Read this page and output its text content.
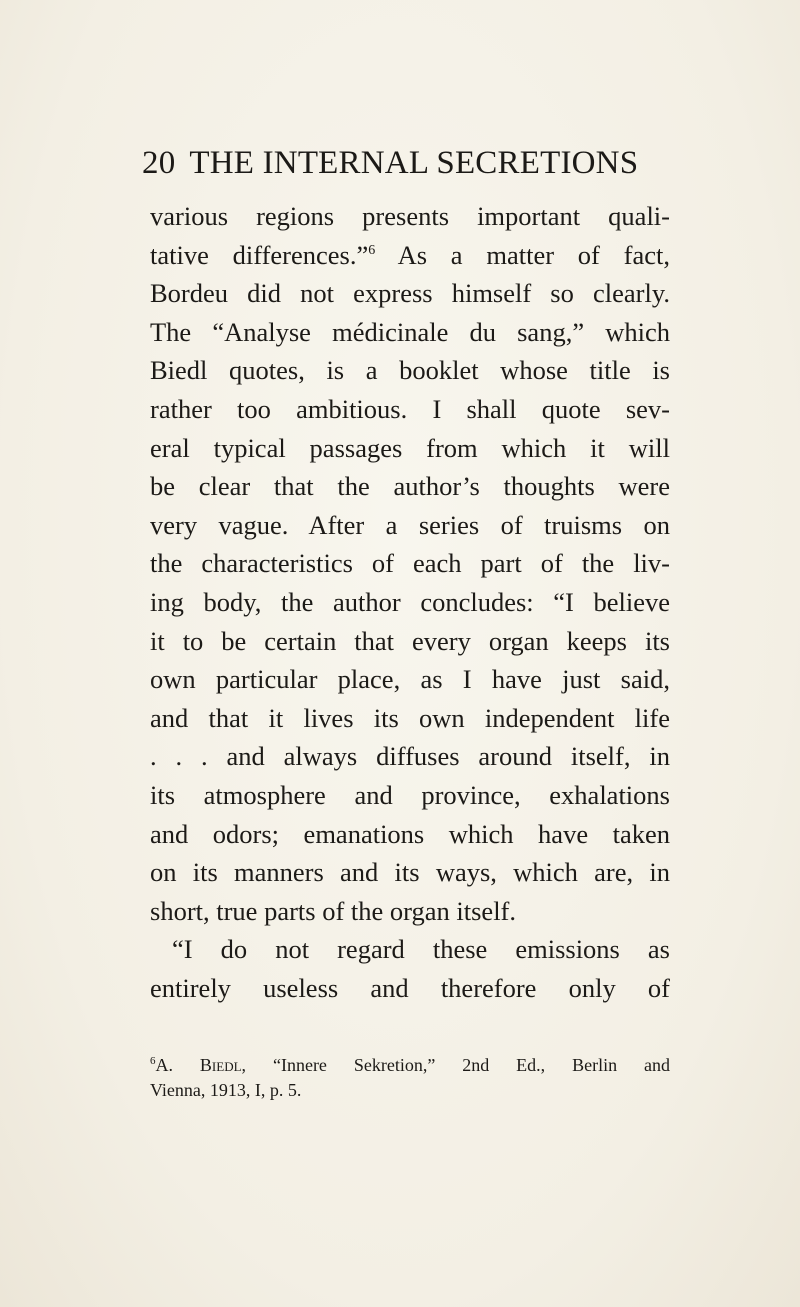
20 THE INTERNAL SECRETIONS
various regions presents important quali-
tative differences.”$^6$ As a matter of fact,
Bordeu did not express himself so clearly.
The “Analyse médicinale du sang,” which
Biedl quotes, is a booklet whose title is
rather too ambitious. I shall quote sev-
eral typical passages from which it will
be clear that the author’s thoughts were
very vague. After a series of truisms on
the characteristics of each part of the liv-
ing body, the author concludes: “I believe
it to be certain that every organ keeps its
own particular place, as I have just said,
and that it lives its own independent life
. . . and always diffuses around itself, in
its atmosphere and province, exhalations
and odors; emanations which have taken
on its manners and its ways, which are, in
short, true parts of the organ itself.
“I do not regard these emissions as
entirely useless and therefore only of
$^6$A. Biedl, “Innere Sekretion,” 2nd Ed., Berlin and
Vienna, 1913, I, p. 5.
